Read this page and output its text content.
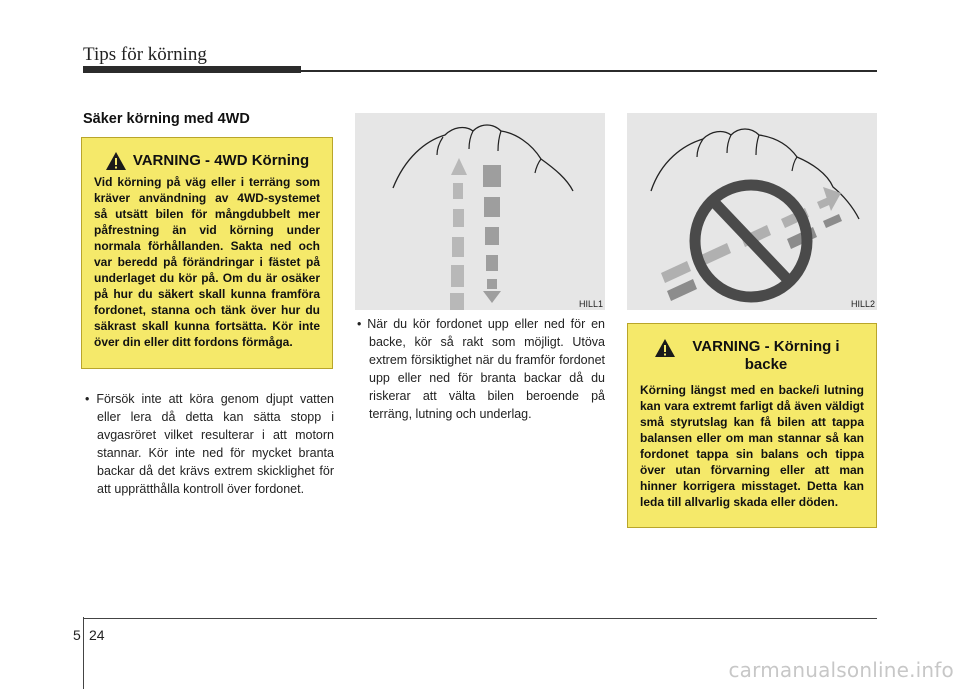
Tips för körning
Säker körning med 4WD
VARNING - 4WD Körning
Vid körning på väg eller i terräng som kräver användning av 4WD-systemet så utsätt bilen för mångdubbelt mer påfrestning än vid körning under normala förhållanden. Sakta ned och var beredd på förändringar i fästet på underlaget du kör på. Om du är osäker på hur du säkert skall kunna framföra fordonet, stanna och tänk över hur du säkrast skall kunna fortsätta. Kör inte över din eller ditt fordons förmåga.
• Försök inte att köra genom djupt vatten eller lera då detta kan sätta stopp i avgasröret vilket resulterar i att motorn stannar. Kör inte ned för mycket branta backar då det krävs extrem skicklighet för att upprätthålla kontroll över fordonet.
HILL1	HILL2
• När du kör fordonet upp eller ned för en backe, kör så rakt som möjligt. Utöva extrem försiktighet när du framför fordonet upp eller ned för branta backar då du riskerar att välta bilen beroende på terräng, lutning och underlag.
VARNING - Körning i backe
Körning längst med en backe/i lutning kan vara extremt farligt då även väldigt små styrutslag kan få bilen att tappa balansen eller om man stannar så kan fordonet tappa sin balans och tippa över utan förvarning eller att man hinner korrigera misstaget. Detta kan leda till allvarlig skada eller döden.
5 24
carmanualsonline.info
